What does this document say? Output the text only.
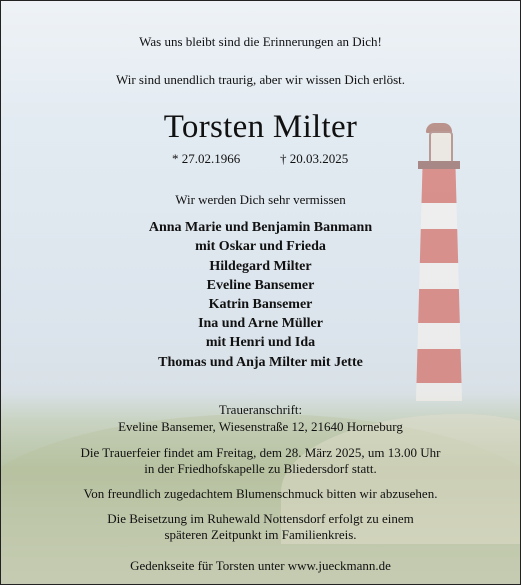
Was uns bleibt sind die Erinnerungen an Dich!
Wir sind unendlich traurig, aber wir wissen Dich erlöst.
Torsten Milter
* 27.02.1966	† 20.03.2025
Wir werden Dich sehr vermissen
Anna Marie und Benjamin Banmann
mit Oskar und Frieda
Hildegard Milter
Eveline Bansemer
Katrin Bansemer
Ina und Arne Müller
mit Henri und Ida
Thomas und Anja Milter mit Jette
Traueranschrift:
Eveline Bansemer, Wiesenstraße 12, 21640 Horneburg
Die Trauerfeier findet am Freitag, dem 28. März 2025, um 13.00 Uhr
in der Friedhofskapelle zu Bliedersdorf statt.
Von freundlich zugedachtem Blumenschmuck bitten wir abzusehen.
Die Beisetzung im Ruhewald Nottensdorf erfolgt zu einem
späteren Zeitpunkt im Familienkreis.
Gedenkseite für Torsten unter www.jueckmann.de
